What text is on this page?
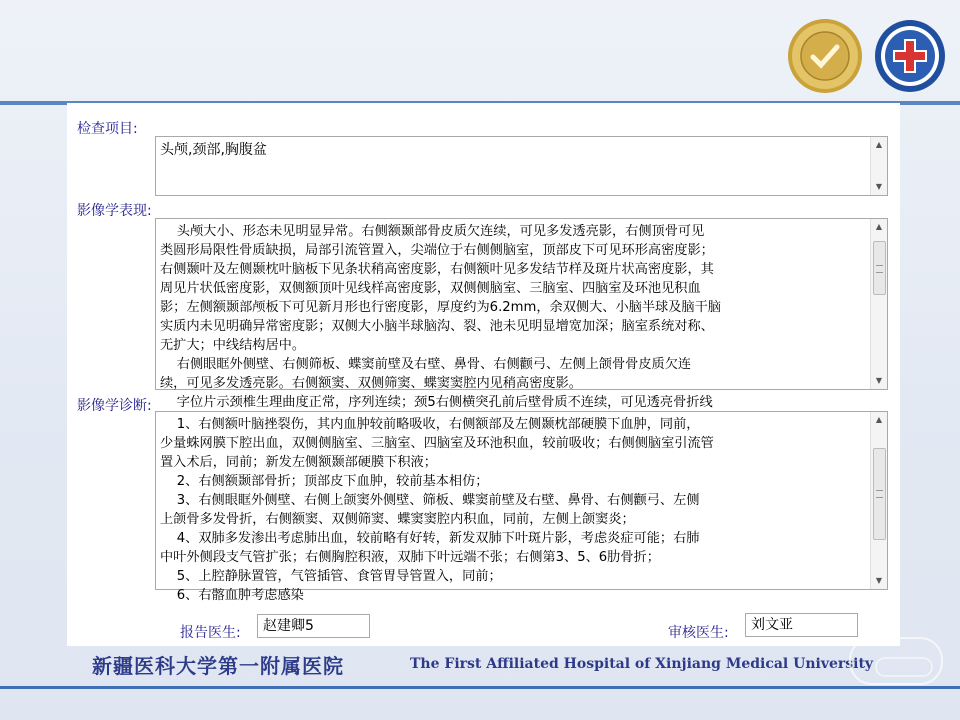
检查项目:
头颅,颈部,胸腹盆	▲
▼
影像学表现:
头颅大小、形态未见明显异常。右侧额颞部骨皮质欠连续，可见多发透亮影，右侧顶骨可见
类圆形局限性骨质缺损，局部引流管置入，尖端位于右侧侧脑室，顶部皮下可见环形高密度影；
右侧颞叶及左侧颞枕叶脑板下见条状稍高密度影，右侧额叶见多发结节样及斑片状高密度影，其
周见片状低密度影，双侧额顶叶见线样高密度影，双侧侧脑室、三脑室、四脑室及环池见积血
影；左侧额颞部颅板下可见新月形也行密度影，厚度约为6.2mm，余双侧大、小脑半球及脑干脑
实质内未见明确异常密度影；双侧大小脑半球脑沟、裂、池未见明显增宽加深；脑室系统对称、
无扩大；中线结构居中。
右侧眼眶外侧壁、右侧筛板、蝶窦前壁及右壁、鼻骨、右侧颧弓、左侧上颌骨骨皮质欠连
续，可见多发透亮影。右侧额窦、双侧筛窦、蝶窦窦腔内见稍高密度影。
字位片示颈椎生理曲度正常，序列连续；颈5右侧横突孔前后壁骨质不连续，可见透亮骨折线
▲
▼
影像学诊断:
1、右侧额叶脑挫裂伤，其内血肿较前略吸收，右侧额部及左侧颞枕部硬膜下血肿，同前，
少量蛛网膜下腔出血，双侧侧脑室、三脑室、四脑室及环池积血，较前吸收；右侧侧脑室引流管
置入术后，同前；新发左侧额颞部硬膜下积液；
2、右侧额颞部骨折；顶部皮下血肿，较前基本相仿；
3、右侧眼眶外侧壁、右侧上颌窦外侧壁、筛板、蝶窦前壁及右壁、鼻骨、右侧颧弓、左侧
上颌骨多发骨折，右侧额窦、双侧筛窦、蝶窦窦腔内积血，同前，左侧上颌窦炎；
4、双肺多发渗出考虑肺出血，较前略有好转，新发双肺下叶斑片影，考虑炎症可能；右肺
中叶外侧段支气管扩张；右侧胸腔积液，双肺下叶远端不张；右侧第3、5、6肋骨折；
5、上腔静脉置管，气管插管、食管胃导管置入，同前；
6、右髂血肿考虑感染
▲
▼
报告医生:	赵建卿5	审核医生:	刘文亚
新疆医科大学第一附属医院	The First Affiliated Hospital of Xinjiang Medical University
